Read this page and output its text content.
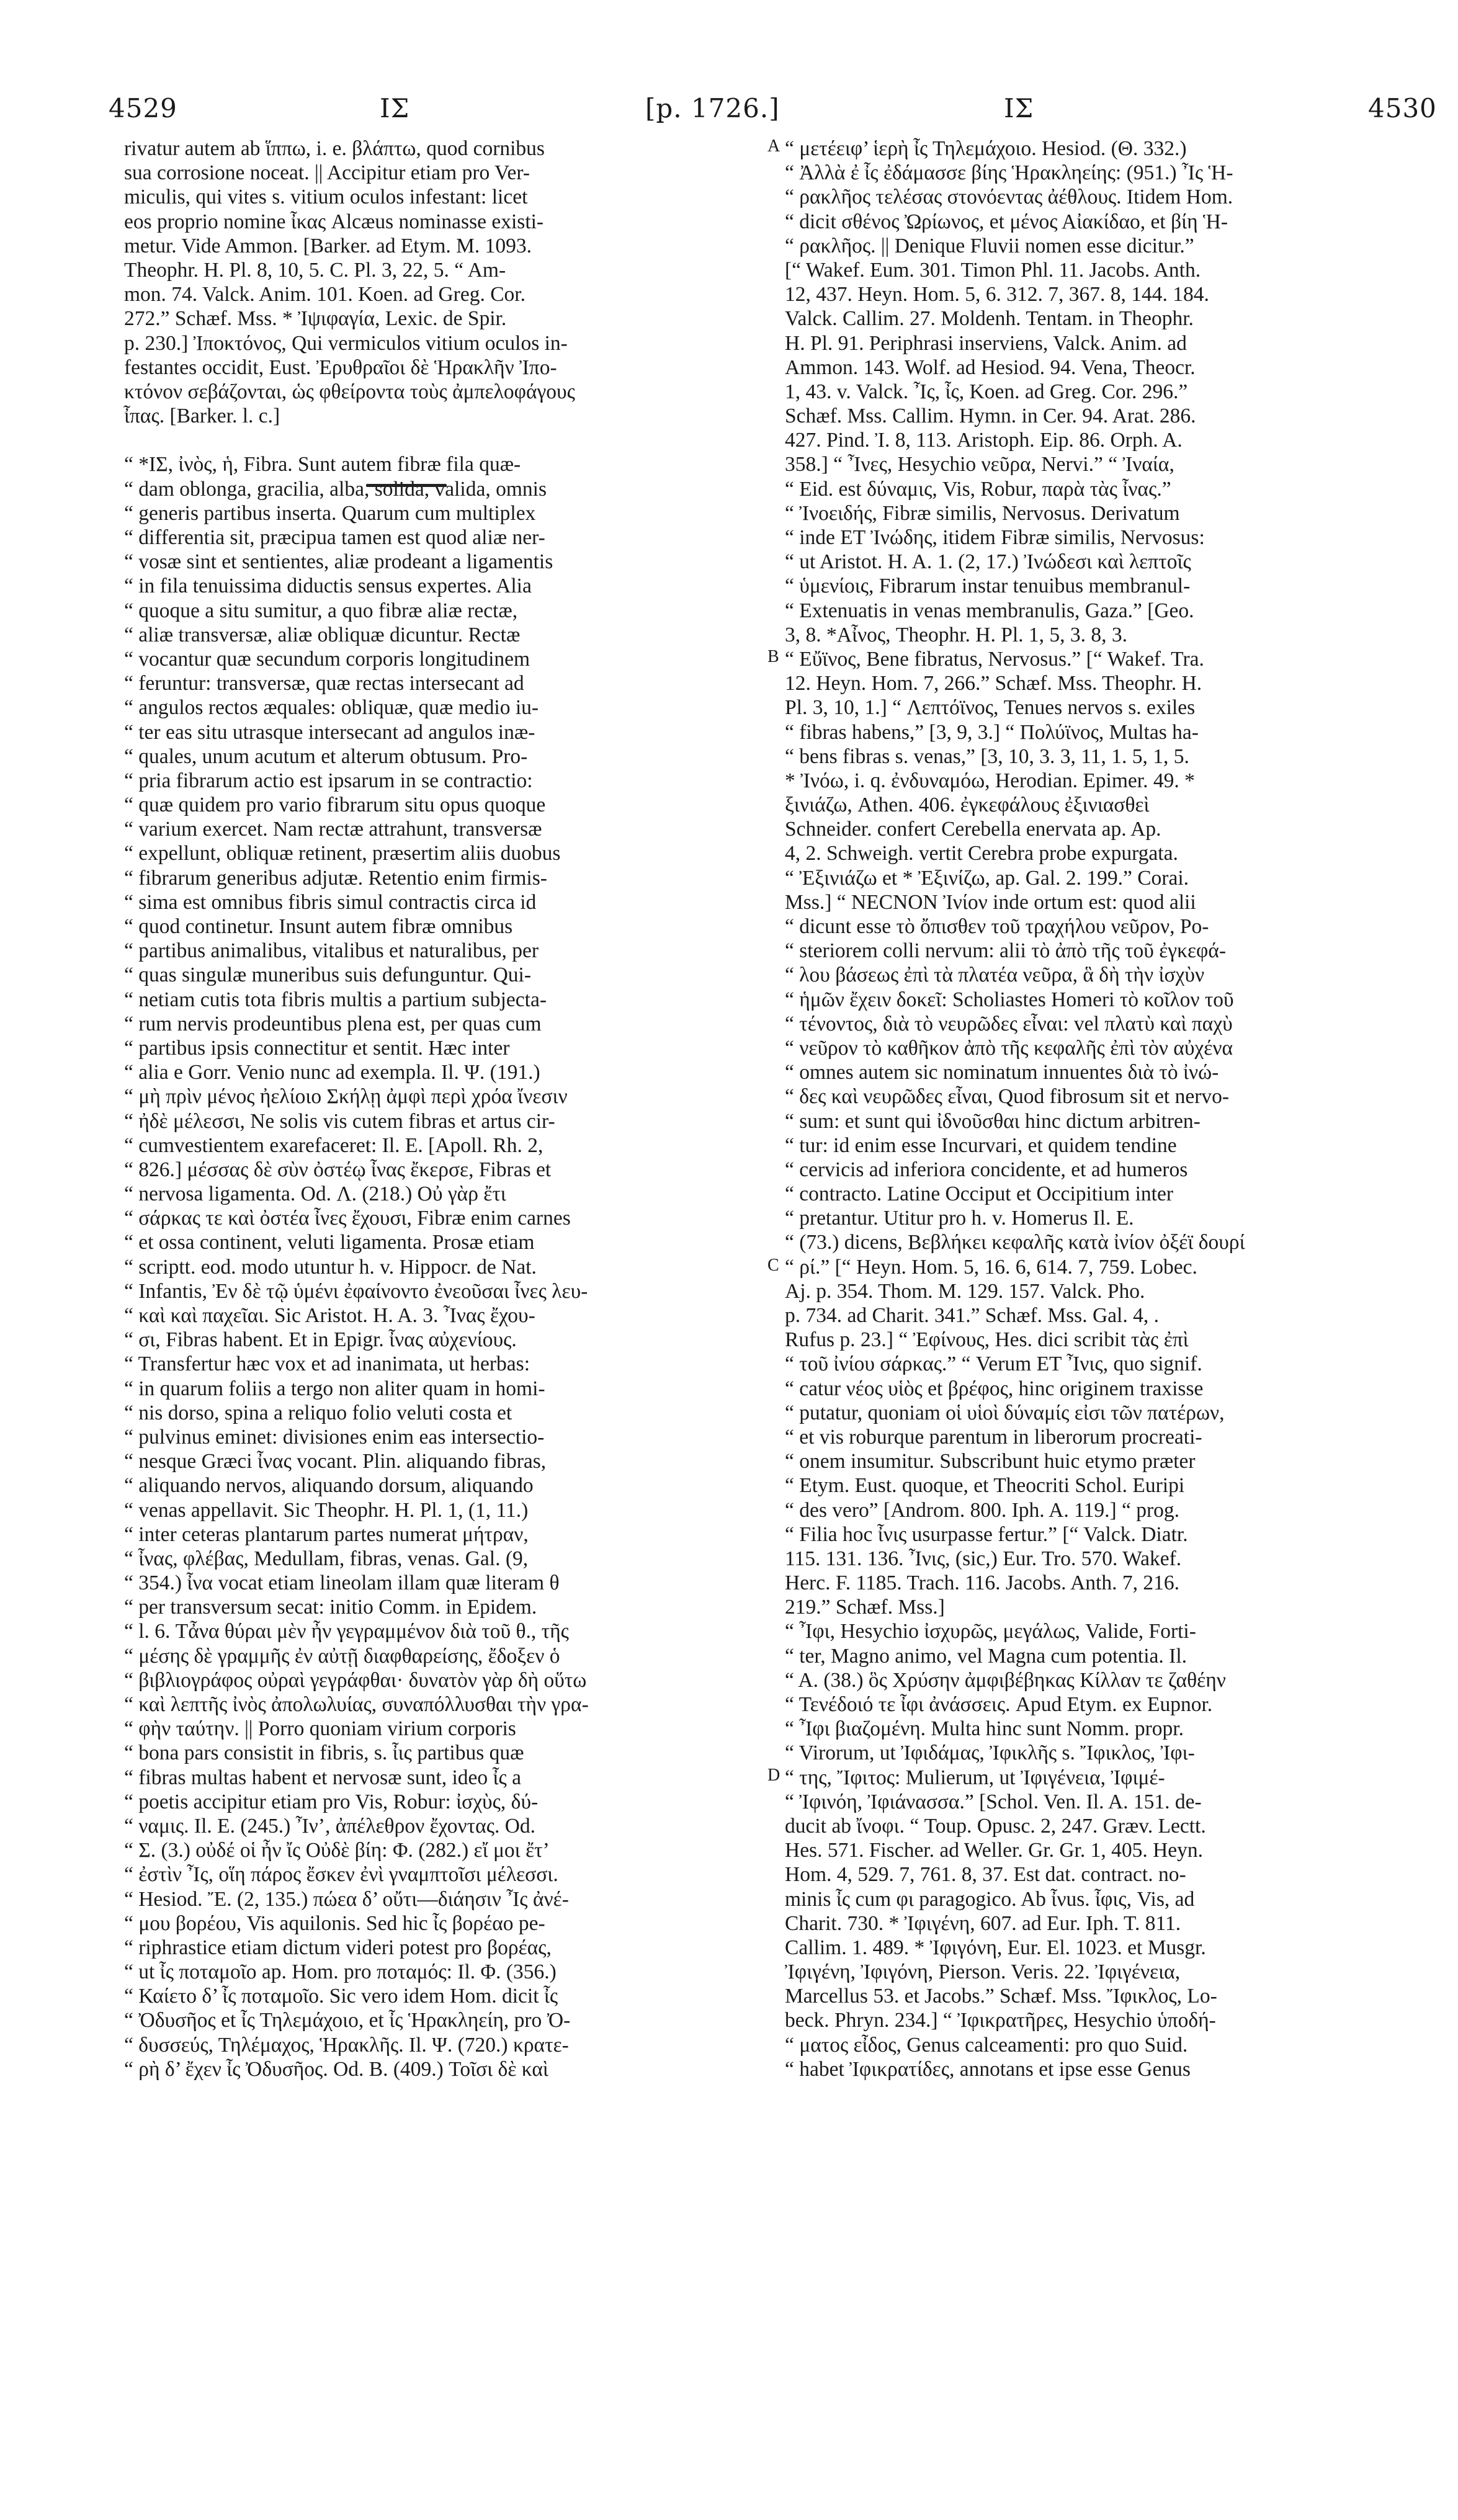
4529	ΙΣ	[p. 1726.]	ΙΣ	4530
rivatur autem ab ἵππω, i. e. βλάπτω, quod cornibus
sua corrosione noceat. || Accipitur etiam pro Ver-
miculis, qui vites s. vitium oculos infestant: licet
eos proprio nomine ἶκας Alcæus nominasse existi-
metur. Vide Ammon. [Barker. ad Etym. M. 1093.
Theophr. H. Pl. 8, 10, 5. C. Pl. 3, 22, 5. “ Am-
mon. 74. Valck. Anim. 101. Koen. ad Greg. Cor.
272.” Schæf. Mss. * Ἰψιφαγία, Lexic. de Spir.
p. 230.] Ἰποκτόνος, Qui vermiculos vitium oculos in-
festantes occidit, Eust. Ἐρυθραῖοι δὲ Ἡρακλῆν Ἰπο-
κτόνον σεβάζονται, ὡς φθείροντα τοὺς ἀμπελοφάγους
ἶπας. [Barker. l. c.]
“ *ΙΣ, ἰνὸς, ἡ, Fibra. Sunt autem fibræ fila quæ-
“ dam oblonga, gracilia, alba, solida, valida, omnis
“ generis partibus inserta. Quarum cum multiplex
“ differentia sit, præcipua tamen est quod aliæ ner-
“ vosæ sint et sentientes, aliæ prodeant a ligamentis
“ in fila tenuissima diductis sensus expertes. Alia
“ quoque a situ sumitur, a quo fibræ aliæ rectæ,
“ aliæ transversæ, aliæ obliquæ dicuntur. Rectæ
“ vocantur quæ secundum corporis longitudinem
“ feruntur: transversæ, quæ rectas intersecant ad
“ angulos rectos æquales: obliquæ, quæ medio iu-
“ ter eas situ utrasque intersecant ad angulos inæ-
“ quales, unum acutum et alterum obtusum. Pro-
“ pria fibrarum actio est ipsarum in se contractio:
“ quæ quidem pro vario fibrarum situ opus quoque
“ varium exercet. Nam rectæ attrahunt, transversæ
“ expellunt, obliquæ retinent, præsertim aliis duobus
“ fibrarum generibus adjutæ. Retentio enim firmis-
“ sima est omnibus fibris simul contractis circa id
“ quod continetur. Insunt autem fibræ omnibus
“ partibus animalibus, vitalibus et naturalibus, per
“ quas singulæ muneribus suis defunguntur. Qui-
“ netiam cutis tota fibris multis a partium subjecta-
“ rum nervis prodeuntibus plena est, per quas cum
“ partibus ipsis connectitur et sentit. Hæc inter
“ alia e Gorr. Venio nunc ad exempla. Il. Ψ. (191.)
“ μὴ πρὶν μένος ἠελίοιο Σκήλῃ ἀμφὶ περὶ χρόα ἴνεσιν
“ ἠδὲ μέλεσσι, Ne solis vis cutem fibras et artus cir-
“ cumvestientem exarefaceret: Il. E. [Apoll. Rh. 2,
“ 826.] μέσσας δὲ σὺν ὀστέῳ ἶνας ἔκερσε, Fibras et
“ nervosa ligamenta. Od. Λ. (218.) Οὐ γὰρ ἔτι
“ σάρκας τε καὶ ὀστέα ἶνες ἔχουσι, Fibræ enim carnes
“ et ossa continent, veluti ligamenta. Prosæ etiam
“ scriptt. eod. modo utuntur h. v. Hippocr. de Nat.
“ Infantis, Ἐν δὲ τῷ ὑμένι ἐφαίνοντο ἐνεοῦσαι ἶνες λευ-
“ καὶ καὶ παχεῖαι. Sic Aristot. H. A. 3. Ἶνας ἔχου-
“ σι, Fibras habent. Et in Epigr. ἶνας αὐχενίους.
“ Transfertur hæc vox et ad inanimata, ut herbas:
“ in quarum foliis a tergo non aliter quam in homi-
“ nis dorso, spina a reliquo folio veluti costa et
“ pulvinus eminet: divisiones enim eas intersectio-
“ nesque Græci ἶνας vocant. Plin. aliquando fibras,
“ aliquando nervos, aliquando dorsum, aliquando
“ venas appellavit. Sic Theophr. H. Pl. 1, (1, 11.)
“ inter ceteras plantarum partes numerat μήτραν,
“ ἶνας, φλέβας, Medullam, fibras, venas. Gal. (9,
“ 354.) ἶνα vocat etiam lineolam illam quæ literam θ
“ per transversum secat: initio Comm. in Epidem.
“ l. 6. Τἆνα θύραι μὲν ἦν γεγραμμένον διὰ τοῦ θ., τῆς
“ μέσης δὲ γραμμῆς ἐν αὐτῇ διαφθαρείσης, ἔδοξεν ὁ
“ βιβλιογράφος οὐραὶ γεγράφθαι· δυνατὸν γὰρ δὴ οὕτω
“ καὶ λεπτῆς ἰνὸς ἀπολωλυίας, συναπόλλυσθαι τὴν γρα-
“ φὴν ταύτην. || Porro quoniam virium corporis
“ bona pars consistit in fibris, s. ἶις partibus quæ
“ fibras multas habent et nervosæ sunt, ideo ἶς a
“ poetis accipitur etiam pro Vis, Robur: ἰσχὺς, δύ-
“ ναμις. Il. E. (245.) Ἶν’, ἀπέλεθρον ἔχοντας. Od.
“ Σ. (3.) οὐδέ οἱ ἦν ἴς Οὐδὲ βίη: Φ. (282.) εἴ μοι ἔτ’
“ ἐστὶν Ἶς, οἵη πάρος ἔσκεν ἐνὶ γναμπτοῖσι μέλεσσι.
“ Hesiod. Ἔ. (2, 135.) πώεα δ’ οὔτι—διάησιν Ἶς ἀνέ-
“ μου βορέου, Vis aquilonis. Sed hic ἶς βορέαο pe-
“ riphrastice etiam dictum videri potest pro βορέας,
“ ut ἶς ποταμοῖο ap. Hom. pro ποταμός: Il. Φ. (356.)
“ Καίετο δ’ ἶς ποταμοῖο. Sic vero idem Hom. dicit ἶς
“ Ὀδυσῆος et ἶς Τηλεμάχοιο, et ἶς Ἡρακληείη, pro Ὀ-
“ δυσσεύς, Τηλέμαχος, Ἡρακλῆς. Il. Ψ. (720.) κρατε-
“ ρὴ δ’ ἔχεν ἶς Ὀδυσῆος. Od. B. (409.) Τοῖσι δὲ καὶ
“ μετέειφ’ ἱερὴ ἶς Τηλεμάχοιο. Hesiod. (Θ. 332.)
“ Ἀλλὰ ἐ ἶς ἐδάμασσε βίης Ἡρακληείης: (951.) Ἶς Ἡ-
“ ρακλῆος τελέσας στονόεντας ἀέθλους. Itidem Hom.
“ dicit σθένος Ὠρίωνος, et μένος Αἰακίδαο, et βίη Ἡ-
“ ρακλῆος. || Denique Fluvii nomen esse dicitur.”
[“ Wakef. Eum. 301. Timon Phl. 11. Jacobs. Anth.
12, 437. Heyn. Hom. 5, 6. 312. 7, 367. 8, 144. 184.
Valck. Callim. 27. Moldenh. Tentam. in Theophr.
H. Pl. 91. Periphrasi inserviens, Valck. Anim. ad
Ammon. 143. Wolf. ad Hesiod. 94. Vena, Theocr.
1, 43. v. Valck. Ἶς, ἶς, Koen. ad Greg. Cor. 296.”
Schæf. Mss. Callim. Hymn. in Cer. 94. Arat. 286.
427. Pind. Ἰ. 8, 113. Aristoph. Eip. 86. Orph. A.
358.] “ Ἶνες, Hesychio νεῦρα, Nervi.” “ Ἰναία,
“ Eid. est δύναμις, Vis, Robur, παρὰ τὰς ἶνας.”
“ Ἰνοειδής, Fibræ similis, Nervosus. Derivatum
“ inde ET Ἰνώδης, itidem Fibræ similis, Nervosus:
“ ut Aristot. H. A. 1. (2, 17.) Ἰνώδεσι καὶ λεπτοῖς
“ ὑμενίοις, Fibrarum instar tenuibus membranul-
“ Extenuatis in venas membranulis, Gaza.” [Geo.
3, 8. *Αἶνος, Theophr. H. Pl. 1, 5, 3. 8, 3.
“ Εὔϊνος, Bene fibratus, Nervosus.” [“ Wakef. Tra.
12. Heyn. Hom. 7, 266.” Schæf. Mss. Theophr. H.
Pl. 3, 10, 1.] “ Λεπτόϊνος, Tenues nervos s. exiles
“ fibras habens,” [3, 9, 3.] “ Πολύϊνος, Multas ha-
“ bens fibras s. venas,” [3, 10, 3. 3, 11, 1. 5, 1, 5.
* Ἰνόω, i. q. ἐνδυναμόω, Herodian. Epimer. 49. *
ξινιάζω, Athen. 406. ἐγκεφάλους ἐξινιασθεὶ
Schneider. confert Cerebella enervata ap. Ap.
4, 2. Schweigh. vertit Cerebra probe expurgata.
“ Ἐξινιάζω et * Ἐξινίζω, ap. Gal. 2. 199.” Corai.
Mss.] “ NECNON Ἰνίον inde ortum est: quod alii
“ dicunt esse τὸ ὄπισθεν τοῦ τραχήλου νεῦρον, Po-
“ steriorem colli nervum: alii τὸ ἀπὸ τῆς τοῦ ἐγκεφά-
“ λου βάσεως ἐπὶ τὰ πλατέα νεῦρα, ἃ δὴ τὴν ἰσχὺν
“ ἡμῶν ἔχειν δοκεῖ: Scholiastes Homeri τὸ κοῖλον τοῦ
“ τένοντος, διὰ τὸ νευρῶδες εἶναι: vel πλατὺ καὶ παχὺ
“ νεῦρον τὸ καθῆκον ἀπὸ τῆς κεφαλῆς ἐπὶ τὸν αὐχένα
“ omnes autem sic nominatum innuentes διὰ τὸ ἰνώ-
“ δες καὶ νευρῶδες εἶναι, Quod fibrosum sit et nervo-
“ sum: et sunt qui ἰδνοῦσθαι hinc dictum arbitren-
“ tur: id enim esse Incurvari, et quidem tendine
“ cervicis ad inferiora concidente, et ad humeros
“ contracto. Latine Occiput et Occipitium inter
“ pretantur. Utitur pro h. v. Homerus Il. E.
“ (73.) dicens, Βεβλήκει κεφαλῆς κατὰ ἰνίον ὀξέϊ δουρί
“ ρί.” [“ Heyn. Hom. 5, 16. 6, 614. 7, 759. Lobec.
Aj. p. 354. Thom. M. 129. 157. Valck. Pho.
p. 734. ad Charit. 341.” Schæf. Mss. Gal. 4, .
Rufus p. 23.] “ Ἐφίνους, Hes. dici scribit τὰς ἐπὶ
“ τοῦ ἰνίου σάρκας.” “ Verum ET Ἶνις, quo signif.
“ catur νέος υἱὸς et βρέφος, hinc originem traxisse
“ putatur, quoniam οἱ υἱοὶ δύναμίς εἰσι τῶν πατέρων,
“ et vis roburque parentum in liberorum procreati-
“ onem insumitur. Subscribunt huic etymo præter
“ Etym. Eust. quoque, et Theocriti Schol. Euripi
“ des vero” [Androm. 800. Iph. A. 119.] “ prog.
“ Filia hoc ἶνις usurpasse fertur.” [“ Valck. Diatr.
115. 131. 136. Ἶνις, (sic,) Eur. Tro. 570. Wakef.
Herc. F. 1185. Trach. 116. Jacobs. Anth. 7, 216.
219.” Schæf. Mss.]
“ Ἶφι, Hesychio ἰσχυρῶς, μεγάλως, Valide, Forti-
“ ter, Magno animo, vel Magna cum potentia. Il.
“ A. (38.) ὃς Χρύσην ἀμφιβέβηκας Κίλλαν τε ζαθέην
“ Τενέδοιό τε ἶφι ἀνάσσεις. Apud Etym. ex Eupnor.
“ Ἶφι βιαζομένη. Multa hinc sunt Nomm. propr.
“ Virorum, ut Ἰφιδάμας, Ἰφικλῆς s. Ἴφικλος, Ἰφι-
“ της, Ἴφιτος: Mulierum, ut Ἰφιγένεια, Ἰφιμέ-
“ Ἰφινόη, Ἰφιάνασσα.” [Schol. Ven. Il. A. 151. de-
ducit ab ἴνοφι. “ Toup. Opusc. 2, 247. Græv. Lectt.
Hes. 571. Fischer. ad Weller. Gr. Gr. 1, 405. Heyn.
Hom. 4, 529. 7, 761. 8, 37. Est dat. contract. no-
minis ἶς cum φι paragogico. Ab ἶνus. ἶφις, Vis, ad
Charit. 730. * Ἰφιγένη, 607. ad Eur. Iph. T. 811.
Callim. 1. 489. * Ἰφιγόνη, Eur. El. 1023. et Musgr.
Ἰφιγένη, Ἰφιγόνη, Pierson. Veris. 22. Ἰφιγένεια,
Marcellus 53. et Jacobs.” Schæf. Mss. Ἴφικλος, Lo-
beck. Phryn. 234.] “ Ἰφικρατῆρες, Hesychio ὑποδή-
“ ματος εἶδος, Genus calceamenti: pro quo Suid.
“ habet Ἰφικρατίδες, annotans et ipse esse Genus
A
B
C
D
